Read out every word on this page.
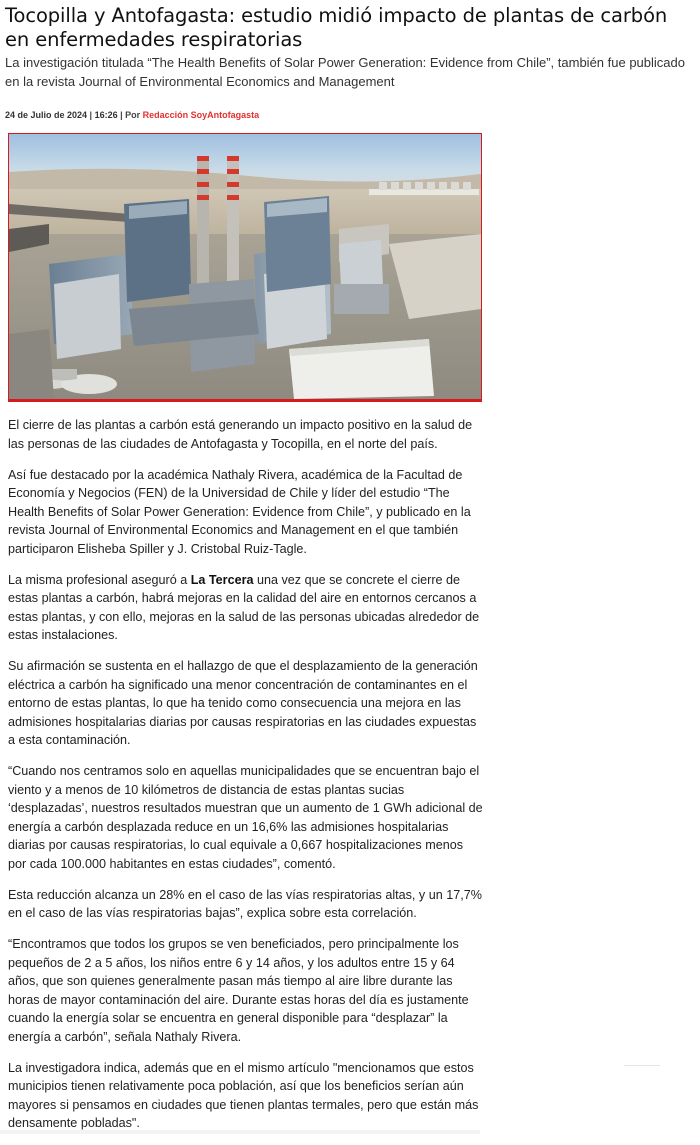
Tocopilla y Antofagasta: estudio midió impacto de plantas de carbón en enfermedades respiratorias

La investigación titulada “The Health Benefits of Solar Power Generation: Evidence from Chile”, también fue publicado en la revista Journal of Environmental Economics and Management

24 de Julio de 2024 | 16:26 | Por Redacción SoyAntofagasta

El cierre de las plantas a carbón está generando un impacto positivo en la salud de las personas de las ciudades de Antofagasta y Tocopilla, en el norte del país.

Así fue destacado por la académica Nathaly Rivera, académica de la Facultad de Economía y Negocios (FEN) de la Universidad de Chile y líder del estudio “The Health Benefits of Solar Power Generation: Evidence from Chile”, y publicado en la revista Journal of Environmental Economics and Management en el que también participaron Elisheba Spiller y J. Cristobal Ruiz-Tagle.

La misma profesional aseguró a La Tercera una vez que se concrete el cierre de estas plantas a carbón, habrá mejoras en la calidad del aire en entornos cercanos a estas plantas, y con ello, mejoras en la salud de las personas ubicadas alrededor de estas instalaciones.

Su afirmación se sustenta en el hallazgo de que el desplazamiento de la generación eléctrica a carbón ha significado una menor concentración de contaminantes en el entorno de estas plantas, lo que ha tenido como consecuencia una mejora en las admisiones hospitalarias diarias por causas respiratorias en las ciudades expuestas a esta contaminación.

“Cuando nos centramos solo en aquellas municipalidades que se encuentran bajo el viento y a menos de 10 kilómetros de distancia de estas plantas sucias ‘desplazadas’, nuestros resultados muestran que un aumento de 1 GWh adicional de energía a carbón desplazada reduce en un 16,6% las admisiones hospitalarias diarias por causas respiratorias, lo cual equivale a 0,667 hospitalizaciones menos por cada 100.000 habitantes en estas ciudades”, comentó.

Esta reducción alcanza un 28% en el caso de las vías respiratorias altas, y un 17,7% en el caso de las vías respiratorias bajas”, explica sobre esta correlación.

“Encontramos que todos los grupos se ven beneficiados, pero principalmente los pequeños de 2 a 5 años, los niños entre 6 y 14 años, y los adultos entre 15 y 64 años, que son quienes generalmente pasan más tiempo al aire libre durante las horas de mayor contaminación del aire. Durante estas horas del día es justamente cuando la energía solar se encuentra en general disponible para “desplazar” la energía a carbón”, señala Nathaly Rivera.

La investigadora indica, además que en el mismo artículo "mencionamos que estos municipios tienen relativamente poca población, así que los beneficios serían aún mayores si pensamos en ciudades que tienen plantas termales, pero que están más densamente pobladas".
